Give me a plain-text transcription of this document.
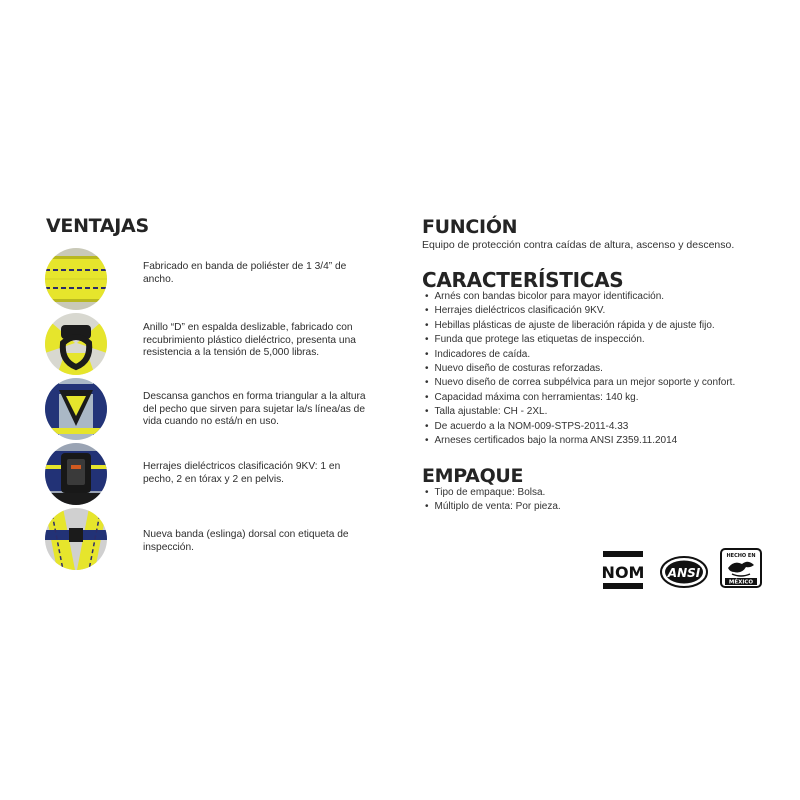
VENTAJAS

Fabricado en banda de poliéster de 1 3/4” de ancho.

Anillo “D” en espalda deslizable, fabricado con recubrimiento plástico dieléctrico, presenta una resistencia a la tensión de 5,000 libras.

Descansa ganchos en forma triangular a la altura del pecho que sirven para sujetar la/s línea/as de vida cuando no está/n en uso.

Herrajes dieléctricos clasificación 9KV: 1 en pecho, 2 en tórax y 2 en pelvis.

Nueva banda (eslinga) dorsal con etiqueta de inspección.

FUNCIÓN

Equipo de protección contra caídas de altura, ascenso y descenso.

CARACTERÍSTICAS
• Arnés con bandas bicolor para mayor identificación.
• Herrajes dieléctricos clasificación 9KV.
• Hebillas plásticas de ajuste de liberación rápida y de ajuste fijo.
• Funda que protege las etiquetas de inspección.
• Indicadores de caída.
• Nuevo diseño de costuras reforzadas.
• Nuevo diseño de correa subpélvica para un mejor soporte y confort.
• Capacidad máxima con herramientas: 140 kg.
• Talla ajustable: CH - 2XL.
• De acuerdo a la NOM-009-STPS-2011-4.33
• Arneses certificados bajo la norma ANSI Z359.11.2014
EMPAQUE
• Tipo de empaque: Bolsa.
• Múltiplo de venta: Por pieza.
NOM ANSI
HECHO EN
MÉXICO
